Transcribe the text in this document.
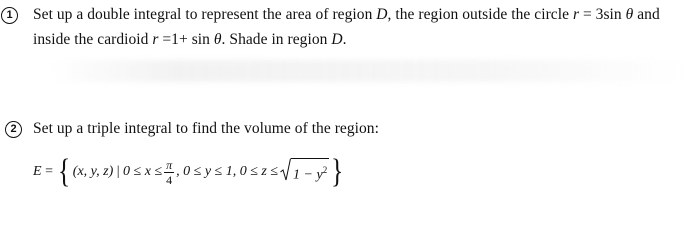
1	Set up a double integral to represent the area of region D, the region outside the circle r = 3sin θ and
inside the cardioid r =1+ sin θ. Shade in region D.
2	Set up a triple integral to find the volume of the region:
E = { (x, y, z) | $0 \le x \le \frac{\pi}{4}$ , 0 ≤ y ≤ 1, $0 \le z \le 1 - y^2$ }
